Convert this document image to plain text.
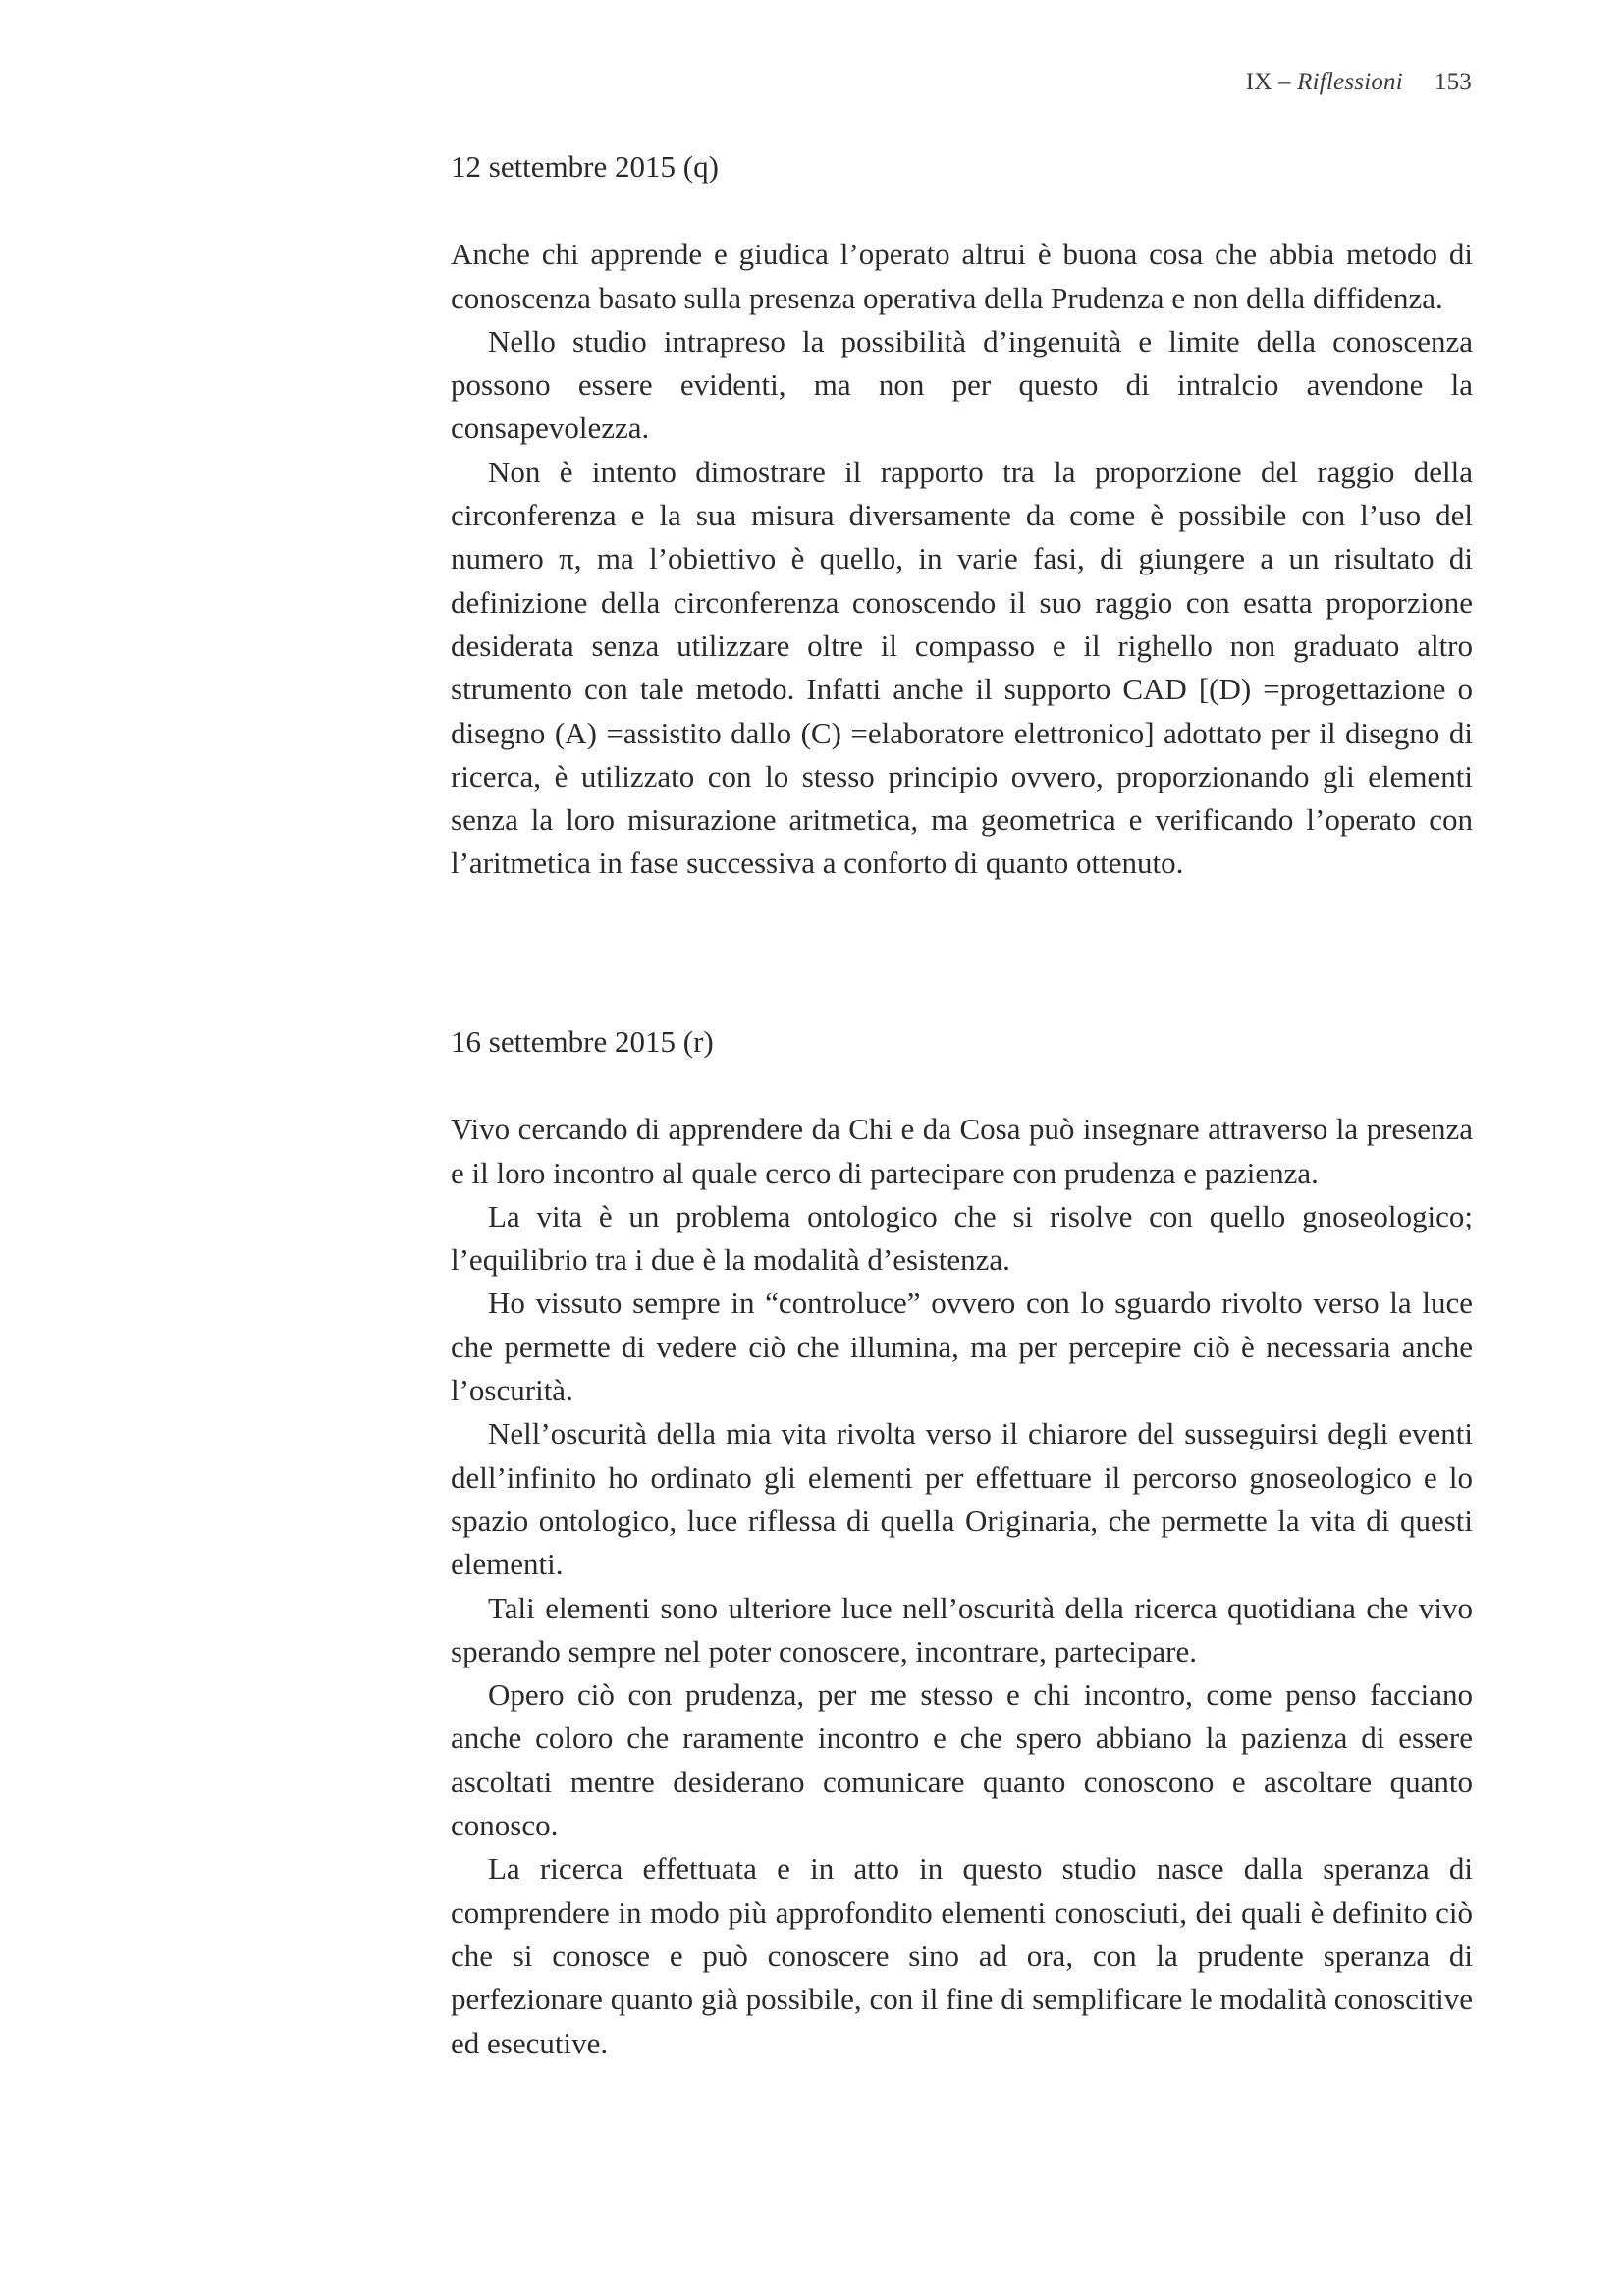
IX – Riflessioni 153

12 settembre 2015 (q)

Anche chi apprende e giudica l’operato altrui è buona cosa che abbia metodo di conoscenza basato sulla presenza operativa della Prudenza e non della diffidenza.

Nello studio intrapreso la possibilità d’ingenuità e limite della conoscenza possono essere evidenti, ma non per questo di intralcio avendone la consapevolezza.

Non è intento dimostrare il rapporto tra la proporzione del raggio della circonferenza e la sua misura diversamente da come è possibile con l’uso del numero π, ma l’obiettivo è quello, in varie fasi, di giungere a un risultato di definizione della circonferenza conoscendo il suo raggio con esatta proporzione desiderata senza utilizzare oltre il compasso e il righello non graduato altro strumento con tale metodo. Infatti anche il supporto CAD [(D) =progettazione o disegno (A) =assistito dallo (C) =elaboratore elettronico] adottato per il disegno di ricerca, è utilizzato con lo stesso principio ovvero, proporzionando gli elementi senza la loro misurazione aritmetica, ma geometrica e verificando l’operato con l’aritmetica in fase successiva a conforto di quanto ottenuto.

16 settembre 2015 (r)

Vivo cercando di apprendere da Chi e da Cosa può insegnare attraverso la presenza e il loro incontro al quale cerco di partecipare con prudenza e pazienza.

La vita è un problema ontologico che si risolve con quello gnoseologico; l’equilibrio tra i due è la modalità d’esistenza.

Ho vissuto sempre in “controluce” ovvero con lo sguardo rivolto verso la luce che permette di vedere ciò che illumina, ma per percepire ciò è necessaria anche l’oscurità.

Nell’oscurità della mia vita rivolta verso il chiarore del susseguirsi degli eventi dell’infinito ho ordinato gli elementi per effettuare il percorso gnoseologico e lo spazio ontologico, luce riflessa di quella Originaria, che permette la vita di questi elementi.

Tali elementi sono ulteriore luce nell’oscurità della ricerca quotidiana che vivo sperando sempre nel poter conoscere, incontrare, partecipare.

Opero ciò con prudenza, per me stesso e chi incontro, come penso facciano anche coloro che raramente incontro e che spero abbiano la pazienza di essere ascoltati mentre desiderano comunicare quanto conoscono e ascoltare quanto conosco.

La ricerca effettuata e in atto in questo studio nasce dalla speranza di comprendere in modo più approfondito elementi conosciuti, dei quali è definito ciò che si conosce e può conoscere sino ad ora, con la prudente speranza di perfezionare quanto già possibile, con il fine di semplificare le modalità conoscitive ed esecutive.
